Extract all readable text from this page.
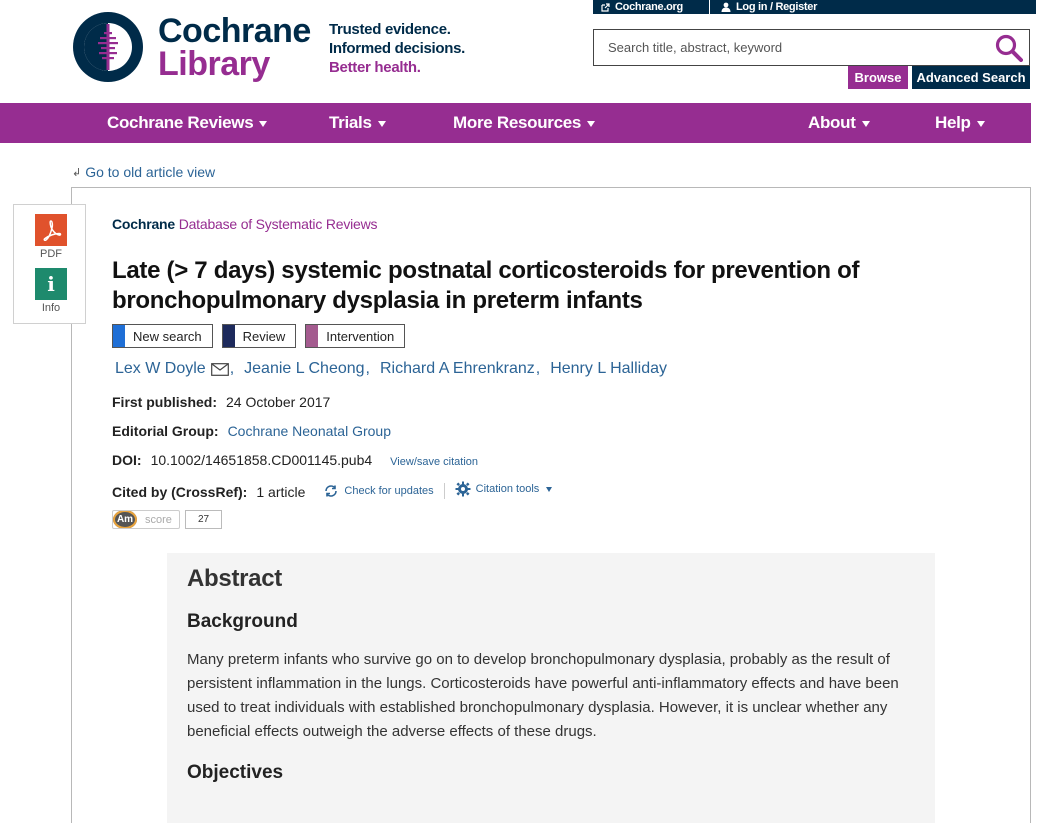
Cochrane.org	Log in / Register
Cochrane
Library
Trusted evidence.
Informed decisions.
Better health.
Search title, abstract, keyword
Browse	Advanced Search
Cochrane Reviews	Trials	More Resources	About	Help
↲ Go to old article view
PDF
i
Info
Cochrane Database of Systematic Reviews
Late (> 7 days) systemic postnatal corticosteroids for prevention of bronchopulmonary dysplasia in preterm infants
New search	Review	Intervention
Lex W Doyle , Jeanie L Cheong , Richard A Ehrenkranz , Henry L Halliday
First published: 24 October 2017
Editorial Group: Cochrane Neonatal Group
DOI: 10.1002/14651858.CD001145.pub4 View/save citation
Cited by (CrossRef): 1 article	Check for updates	Citation tools
Am	score	27
Abstract
Background

Many preterm infants who survive go on to develop bronchopulmonary dysplasia, probably as the result of persistent inflammation in the lungs. Corticosteroids have powerful anti-inflammatory effects and have been used to treat individuals with established bronchopulmonary dysplasia. However, it is unclear whether any beneficial effects outweigh the adverse effects of these drugs.

Objectives
